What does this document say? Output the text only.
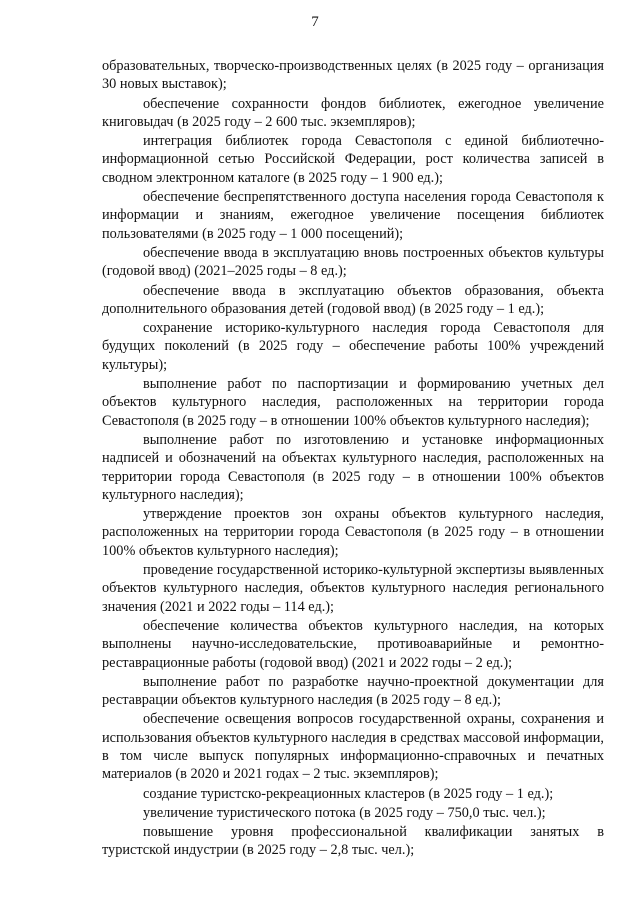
7

образовательных, творческо-производственных целях (в 2025 году – организация 30 новых выставок);

обеспечение сохранности фондов библиотек, ежегодное увеличение книговыдач (в 2025 году – 2 600 тыс. экземпляров);

интеграция библиотек города Севастополя с единой библиотечно-информационной сетью Российской Федерации, рост количества записей в сводном электронном каталоге (в 2025 году – 1 900 ед.);

обеспечение беспрепятственного доступа населения города Севастополя к информации и знаниям, ежегодное увеличение посещения библиотек пользователями (в 2025 году – 1 000 посещений);

обеспечение ввода в эксплуатацию вновь построенных объектов культуры (годовой ввод) (2021–2025 годы – 8 ед.);

обеспечение ввода в эксплуатацию объектов образования, объекта дополнительного образования детей (годовой ввод) (в 2025 году – 1 ед.);

сохранение историко-культурного наследия города Севастополя для будущих поколений (в 2025 году – обеспечение работы 100% учреждений культуры);

выполнение работ по паспортизации и формированию учетных дел объектов культурного наследия, расположенных на территории города Севастополя (в 2025 году – в отношении 100% объектов культурного наследия);

выполнение работ по изготовлению и установке информационных надписей и обозначений на объектах культурного наследия, расположенных на территории города Севастополя (в 2025 году – в отношении 100% объектов культурного наследия);

утверждение проектов зон охраны объектов культурного наследия, расположенных на территории города Севастополя (в 2025 году – в отношении 100% объектов культурного наследия);

проведение государственной историко-культурной экспертизы выявленных объектов культурного наследия, объектов культурного наследия регионального значения (2021 и 2022 годы – 114 ед.);

обеспечение количества объектов культурного наследия, на которых выполнены научно-исследовательские, противоаварийные и ремонтно-реставрационные работы (годовой ввод) (2021 и 2022 годы – 2 ед.);

выполнение работ по разработке научно-проектной документации для реставрации объектов культурного наследия (в 2025 году – 8 ед.);

обеспечение освещения вопросов государственной охраны, сохранения и использования объектов культурного наследия в средствах массовой информации, в том числе выпуск популярных информационно-справочных и печатных материалов (в 2020 и 2021 годах – 2 тыс. экземпляров);

создание туристско-рекреационных кластеров (в 2025 году – 1 ед.);

увеличение туристического потока (в 2025 году – 750,0 тыс. чел.);

повышение уровня профессиональной квалификации занятых в туристской индустрии (в 2025 году – 2,8 тыс. чел.);
